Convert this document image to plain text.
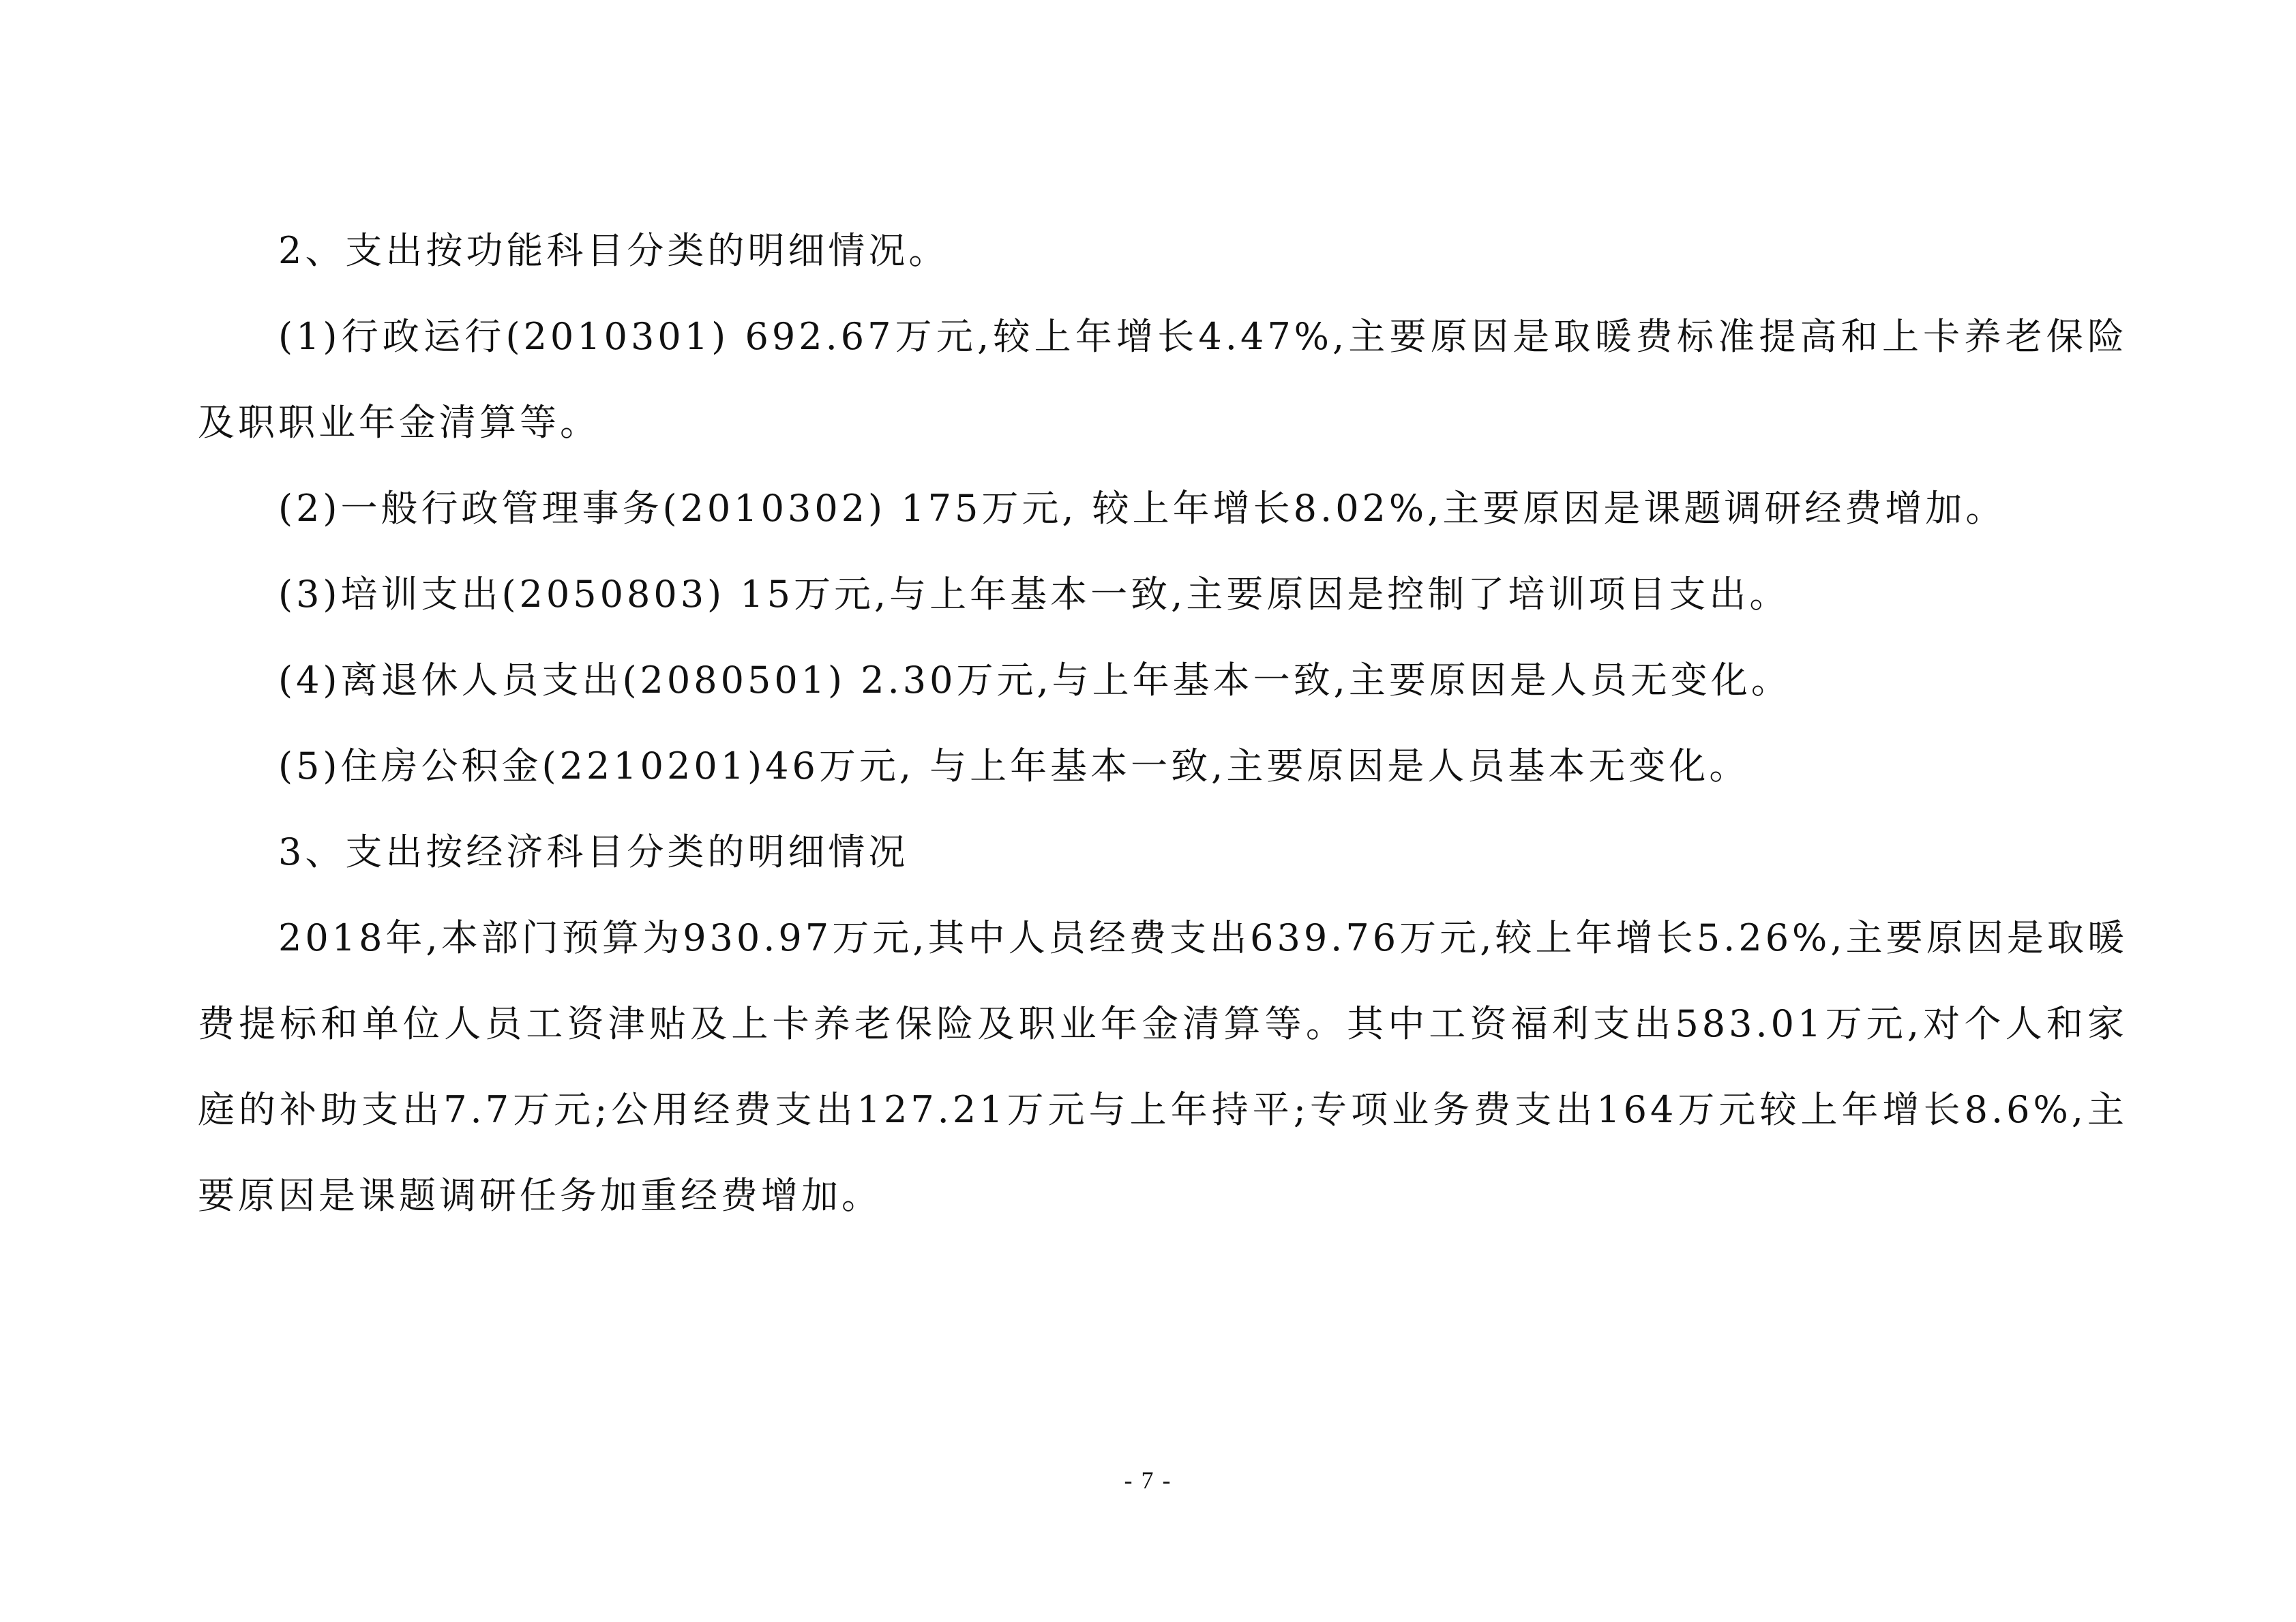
2、支出按功能科目分类的明细情况。

(1)行政运行(2010301) 692.67万元,较上年增长4.47%,主要原因是取暖费标准提高和上卡养老保险及职职业年金清算等。

(2)一般行政管理事务(2010302) 175万元, 较上年增长8.02%,主要原因是课题调研经费增加。

(3)培训支出(2050803) 15万元,与上年基本一致,主要原因是控制了培训项目支出。

(4)离退休人员支出(2080501) 2.30万元,与上年基本一致,主要原因是人员无变化。

(5)住房公积金(2210201)46万元, 与上年基本一致,主要原因是人员基本无变化。

3、支出按经济科目分类的明细情况

2018年,本部门预算为930.97万元,其中人员经费支出639.76万元,较上年增长5.26%,主要原因是取暖费提标和单位人员工资津贴及上卡养老保险及职业年金清算等。其中工资福利支出583.01万元,对个人和家庭的补助支出7.7万元;公用经费支出127.21万元与上年持平;专项业务费支出164万元较上年增长8.6%,主要原因是课题调研任务加重经费增加。

- 7 -
